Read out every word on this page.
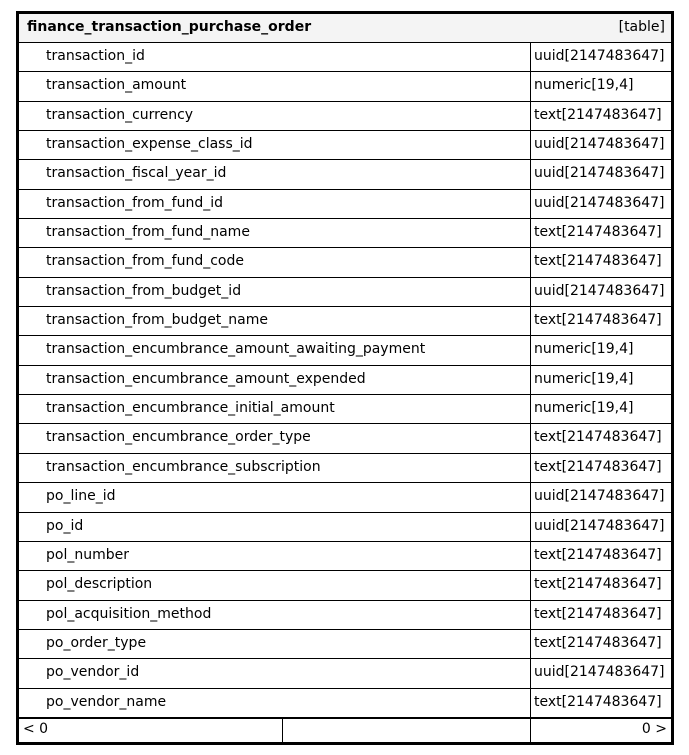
finance_transaction_purchase_order	[table]
transaction_id	uuid[2147483647]
transaction_amount	numeric[19,4]
transaction_currency	text[2147483647]
transaction_expense_class_id	uuid[2147483647]
transaction_fiscal_year_id	uuid[2147483647]
transaction_from_fund_id	uuid[2147483647]
transaction_from_fund_name	text[2147483647]
transaction_from_fund_code	text[2147483647]
transaction_from_budget_id	uuid[2147483647]
transaction_from_budget_name	text[2147483647]
transaction_encumbrance_amount_awaiting_payment	numeric[19,4]
transaction_encumbrance_amount_expended	numeric[19,4]
transaction_encumbrance_initial_amount	numeric[19,4]
transaction_encumbrance_order_type	text[2147483647]
transaction_encumbrance_subscription	text[2147483647]
po_line_id	uuid[2147483647]
po_id	uuid[2147483647]
pol_number	text[2147483647]
pol_description	text[2147483647]
pol_acquisition_method	text[2147483647]
po_order_type	text[2147483647]
po_vendor_id	uuid[2147483647]
po_vendor_name	text[2147483647]
< 0	0 >
